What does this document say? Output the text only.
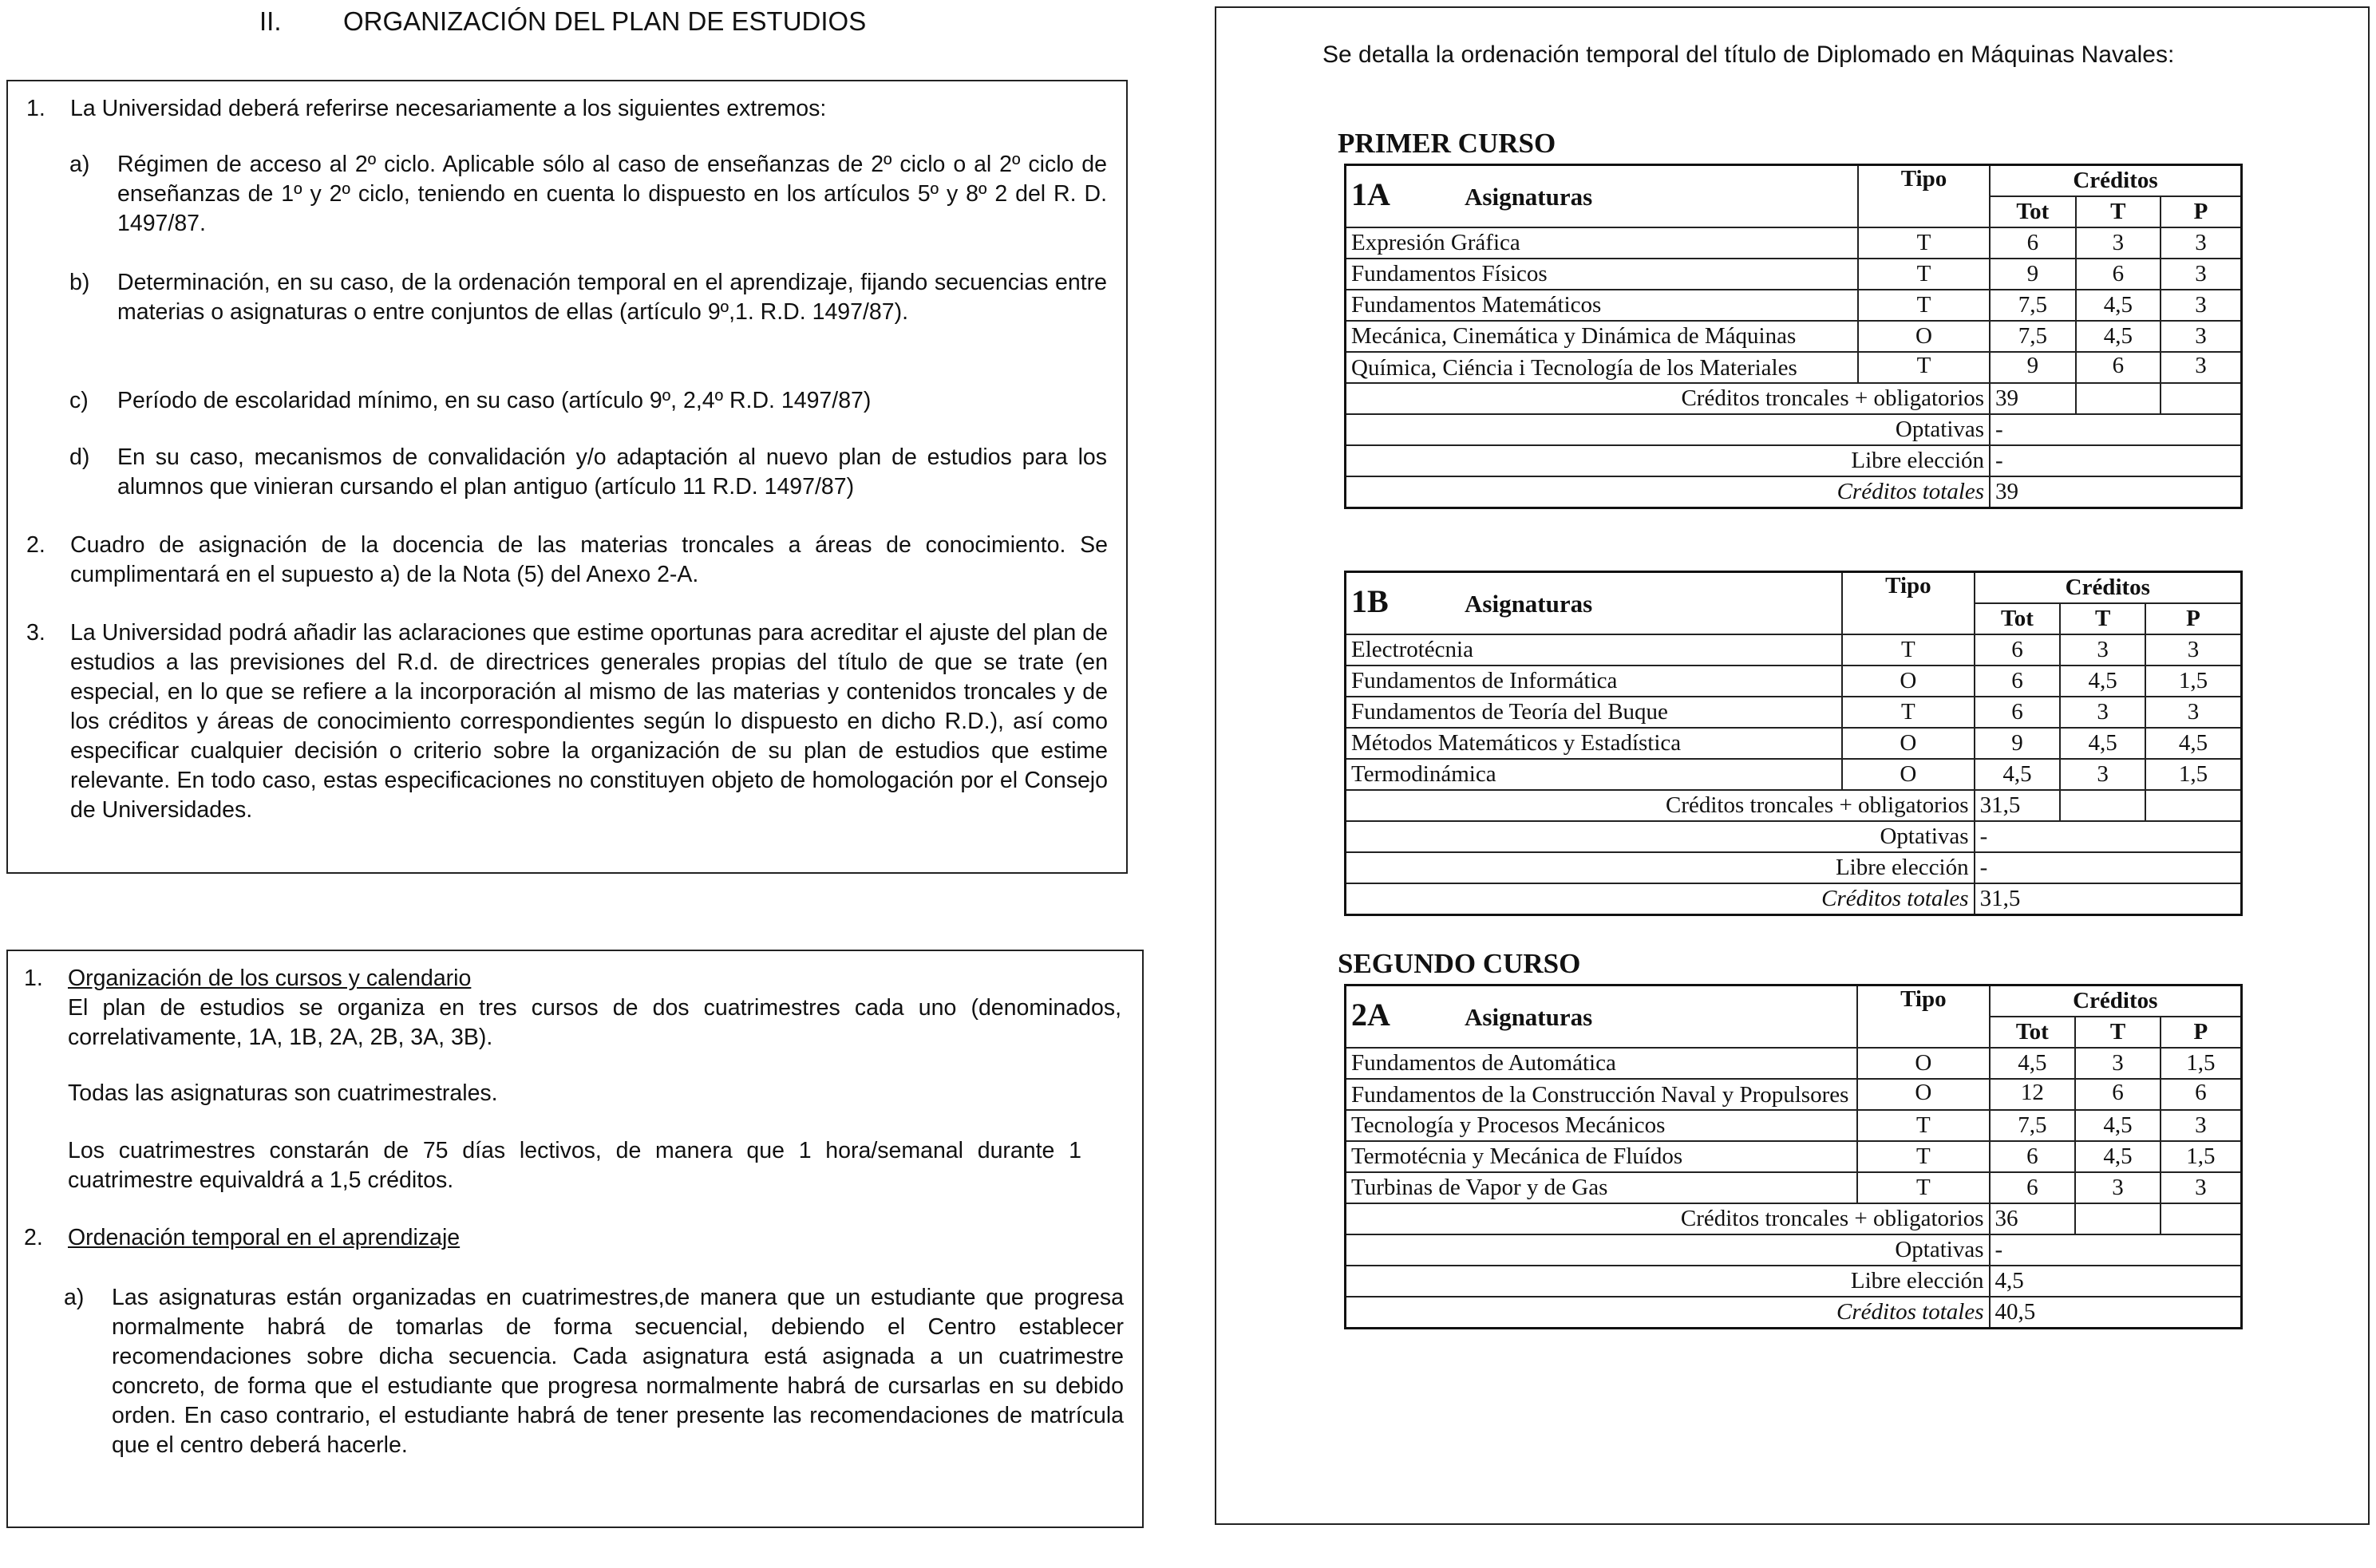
II. ORGANIZACIÓN DEL PLAN DE ESTUDIOS
1. La Universidad deberá referirse necesariamente a los siguientes extremos:
a) Régimen de acceso al 2º ciclo. Aplicable sólo al caso de enseñanzas de 2º ciclo o al 2º ciclo de enseñanzas de 1º y 2º ciclo, teniendo en cuenta lo dispuesto en los artículos 5º y 8º 2 del R. D. 1497/87.
b) Determinación, en su caso, de la ordenación temporal en el aprendizaje, fijando secuencias entre materias o asignaturas o entre conjuntos de ellas (artículo 9º,1. R.D. 1497/87).
c) Período de escolaridad mínimo, en su caso (artículo 9º, 2,4º R.D. 1497/87)
d) En su caso, mecanismos de convalidación y/o adaptación al nuevo plan de estudios para los alumnos que vinieran cursando el plan antiguo (artículo 11 R.D. 1497/87)
2. Cuadro de asignación de la docencia de las materias troncales a áreas de conocimiento. Se cumplimentará en el supuesto a) de la Nota (5) del Anexo 2-A.
3. La Universidad podrá añadir las aclaraciones que estime oportunas para acreditar el ajuste del plan de estudios a las previsiones del R.d. de directrices generales propias del título de que se trate (en especial, en lo que se refiere a la incorporación al mismo de las materias y contenidos troncales y de los créditos y áreas de conocimiento correspondientes según lo dispuesto en dicho R.D.), así como especificar cualquier decisión o criterio sobre la organización de su plan de estudios que estime relevante. En todo caso, estas especificaciones no constituyen objeto de homologación por el Consejo de Universidades.
1. Organización de los cursos y calendario
El plan de estudios se organiza en tres cursos de dos cuatrimestres cada uno (denominados, correlativamente, 1A, 1B, 2A, 2B, 3A, 3B).
Todas las asignaturas son cuatrimestrales.
Los cuatrimestres constarán de 75 días lectivos, de manera que 1 hora/semanal durante 1 cuatrimestre equivaldrá a 1,5 créditos.
2. Ordenación temporal en el aprendizaje
a) Las asignaturas están organizadas en cuatrimestres,de manera que un estudiante que progresa normalmente habrá de tomarlas de forma secuencial, debiendo el Centro establecer recomendaciones sobre dicha secuencia. Cada asignatura está asignada a un cuatrimestre concreto, de forma que el estudiante que progresa normalmente habrá de cursarlas en su debido orden. En caso contrario, el estudiante habrá de tener presente las recomendaciones de matrícula que el centro deberá hacerle.
Se detalla la ordenación temporal del título de Diplomado en Máquinas Navales:
PRIMER CURSO
1A Asignaturas	Tipo	Créditos		
		Tot	T	P
Expresión Gráfica	T	6	3	3
Fundamentos Físicos	T	9	6	3
Fundamentos Matemáticos	T	7,5	4,5	3
Mecánica, Cinemática y Dinámica de Máquinas	O	7,5	4,5	3
Química, Ciéncia i Tecnología de los Materiales	T	9	6	3
Créditos troncales + obligatorios		39		
Optativas		-		
Libre elección		-		
Créditos totales		39		
1B Asignaturas	Tipo	Créditos		
		Tot	T	P
Electrotécnia	T	6	3	3
Fundamentos de Informática	O	6	4,5	1,5
Fundamentos de Teoría del Buque	T	6	3	3
Métodos Matemáticos y Estadística	O	9	4,5	4,5
Termodinámica	O	4,5	3	1,5
Créditos troncales + obligatorios		31,5		
Optativas		-		
Libre elección		-		
Créditos totales		31,5		
SEGUNDO CURSO
2A Asignaturas	Tipo	Créditos		
		Tot	T	P
Fundamentos de Automática	O	4,5	3	1,5
Fundamentos de la Construcción Naval y Propulsores	O	12	6	6
Tecnología y Procesos Mecánicos	T	7,5	4,5	3
Termotécnia y Mecánica de Fluídos	T	6	4,5	1,5
Turbinas de Vapor y de Gas	T	6	3	3
Créditos troncales + obligatorios		36		
Optativas		-		
Libre elección		4,5		
Créditos totales		40,5		
